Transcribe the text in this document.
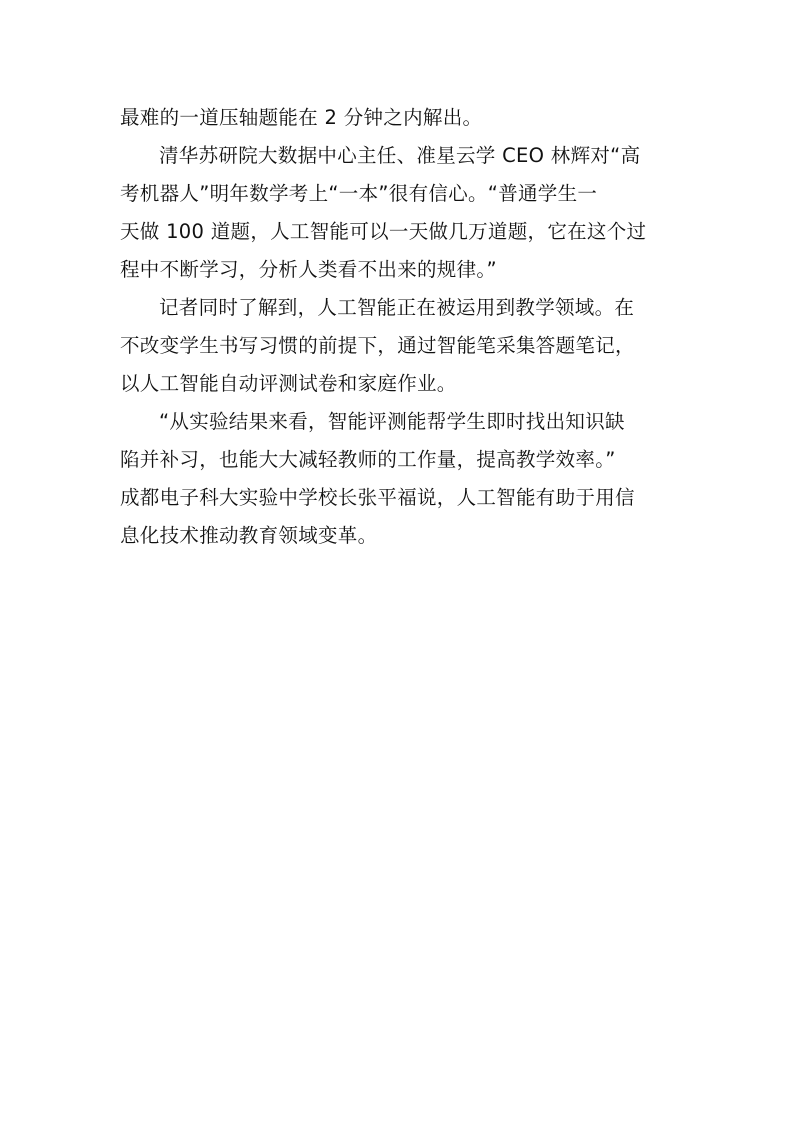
最难的一道压轴题能在 2 分钟之内解出。
清华苏研院大数据中心主任、准星云学 CEO 林辉对“高
考机器人”明年数学考上“一本”很有信心。“普通学生一
天做 100 道题，人工智能可以一天做几万道题，它在这个过
程中不断学习，分析人类看不出来的规律。”
记者同时了解到，人工智能正在被运用到教学领域。在
不改变学生书写习惯的前提下，通过智能笔采集答题笔记，
以人工智能自动评测试卷和家庭作业。
“从实验结果来看，智能评测能帮学生即时找出知识缺
陷并补习，也能大大减轻教师的工作量，提高教学效率。”
成都电子科大实验中学校长张平福说，人工智能有助于用信
息化技术推动教育领域变革。
